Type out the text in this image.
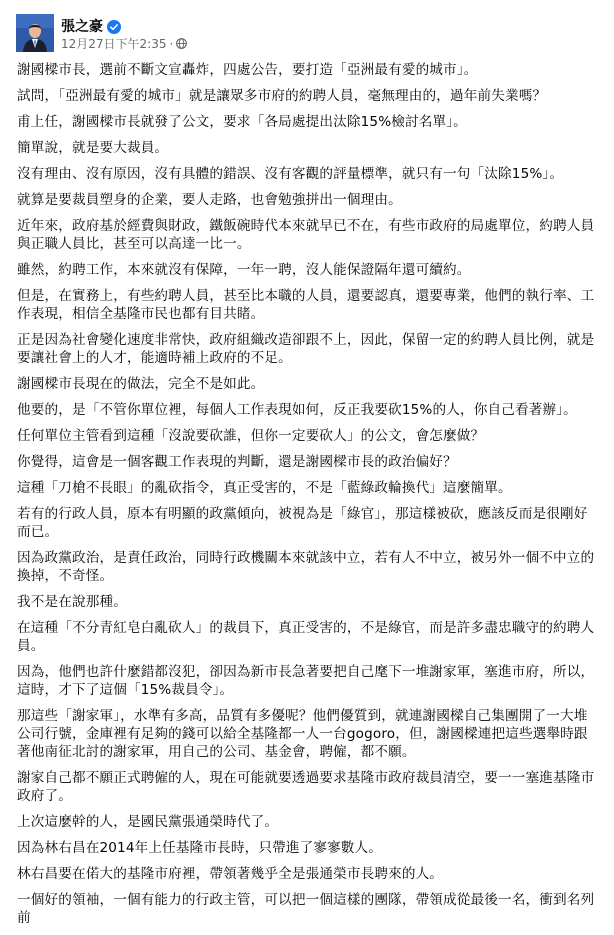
張之豪
12月27日下午2:35 ·

謝國樑市長，選前不斷文宣轟炸，四處公告，要打造「亞洲最有愛的城市」。

試問，「亞洲最有愛的城市」就是讓眾多市府的約聘人員，毫無理由的，過年前失業嗎？

甫上任，謝國樑市長就發了公文，要求「各局處提出汰除15%檢討名單」。

簡單說，就是要大裁員。

沒有理由、沒有原因，沒有具體的錯誤、沒有客觀的評量標準，就只有一句「汰除15%」。

就算是要裁員塑身的企業，要人走路，也會勉強拼出一個理由。

近年來，政府基於經費與財政，鐵飯碗時代本來就早已不在，有些市政府的局處單位，約聘人員與正職人員比，甚至可以高達一比一。

雖然，約聘工作，本來就沒有保障，一年一聘，沒人能保證隔年還可續約。

但是，在實務上，有些約聘人員，甚至比本職的人員，還要認真，還要專業，他們的執行率、工作表現，相信全基隆市民也都有目共睹。

正是因為社會變化速度非常快，政府組織改造卻跟不上，因此，保留一定的約聘人員比例，就是要讓社會上的人才，能適時補上政府的不足。

謝國樑市長現在的做法，完全不是如此。

他要的，是「不管你單位裡，每個人工作表現如何，反正我要砍15%的人，你自己看著辦」。

任何單位主管看到這種「沒說要砍誰，但你一定要砍人」的公文，會怎麼做？

你覺得，這會是一個客觀工作表現的判斷，還是謝國樑市長的政治偏好？

這種「刀槍不長眼」的亂砍指令，真正受害的，不是「藍綠政輪換代」這麼簡單。

若有的行政人員，原本有明顯的政黨傾向，被視為是「綠官」，那這樣被砍，應該反而是很剛好而已。

因為政黨政治，是責任政治，同時行政機關本來就該中立，若有人不中立，被另外一個不中立的換掉，不奇怪。

我不是在說那種。

在這種「不分青紅皂白亂砍人」的裁員下，真正受害的，不是綠官，而是許多盡忠職守的約聘人員。

因為，他們也許什麼錯都沒犯，卻因為新市長急著要把自己麾下一堆謝家軍，塞進市府，所以，這時，才下了這個「15%裁員令」。

那這些「謝家軍」，水準有多高，品質有多優呢？他們優質到，就連謝國樑自己集團開了一大堆公司行號，金庫裡有足夠的錢可以給全基隆都一人一台gogoro，但，謝國樑連把這些選舉時跟著他南征北討的謝家軍，用自己的公司、基金會，聘僱，都不願。

謝家自己都不願正式聘僱的人，現在可能就要透過要求基隆市政府裁員清空，要一一塞進基隆市政府了。

上次這麼幹的人，是國民黨張通榮時代了。

因為林右昌在2014年上任基隆市長時，只帶進了寥寥數人。

林右昌要在偌大的基隆市府裡，帶領著幾乎全是張通榮市長聘來的人。

一個好的領袖，一個有能力的行政主管，可以把一個這樣的團隊，帶領成從最後一名，衝到名列前
